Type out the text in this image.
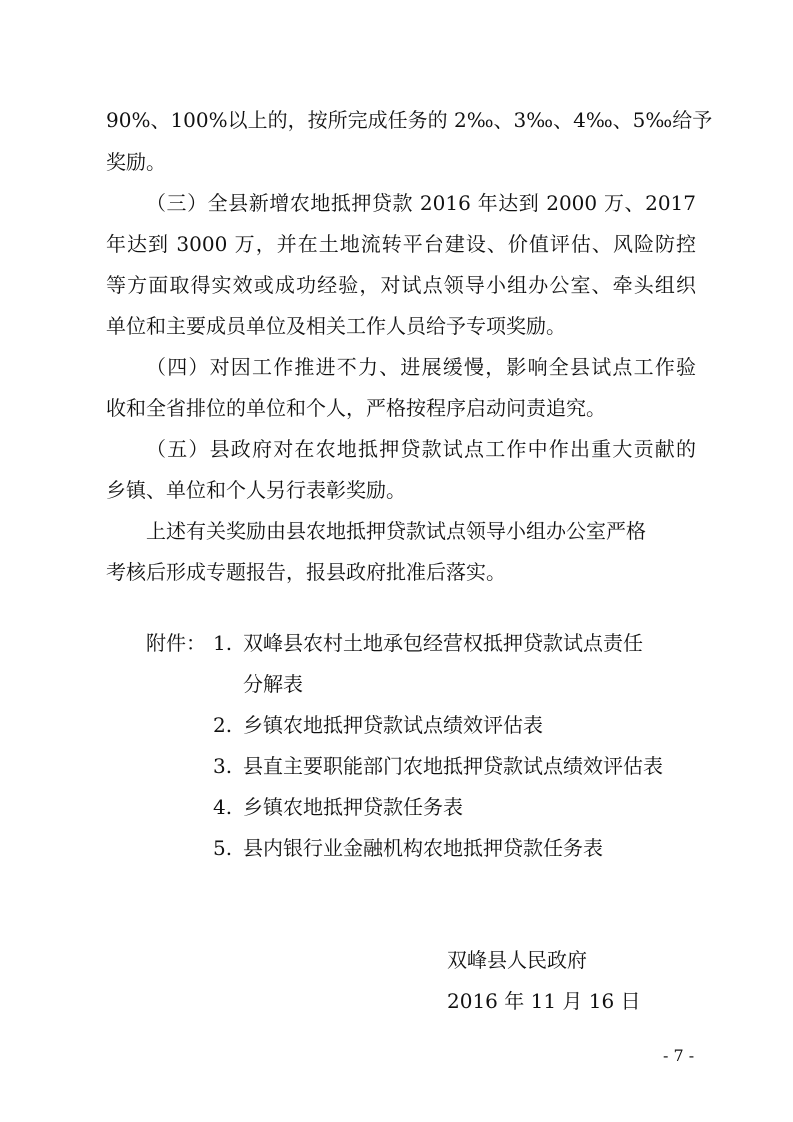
90%、100%以上的，按所完成任务的 2‰、3‰、4‰、5‰给予
奖励。
（三）全县新增农地抵押贷款 2016 年达到 2000 万、2017
年达到 3000 万，并在土地流转平台建设、价值评估、风险防控
等方面取得实效或成功经验，对试点领导小组办公室、牵头组织
单位和主要成员单位及相关工作人员给予专项奖励。
（四）对因工作推进不力、进展缓慢，影响全县试点工作验
收和全省排位的单位和个人，严格按程序启动问责追究。
（五）县政府对在农地抵押贷款试点工作中作出重大贡献的
乡镇、单位和个人另行表彰奖励。
上述有关奖励由县农地抵押贷款试点领导小组办公室严格
考核后形成专题报告，报县政府批准后落实。
附件： 1. 双峰县农村土地承包经营权抵押贷款试点责任
分解表
2. 乡镇农地抵押贷款试点绩效评估表
3. 县直主要职能部门农地抵押贷款试点绩效评估表
4. 乡镇农地抵押贷款任务表
5. 县内银行业金融机构农地抵押贷款任务表
双峰县人民政府
2016 年 11 月 16 日
- 7 -
